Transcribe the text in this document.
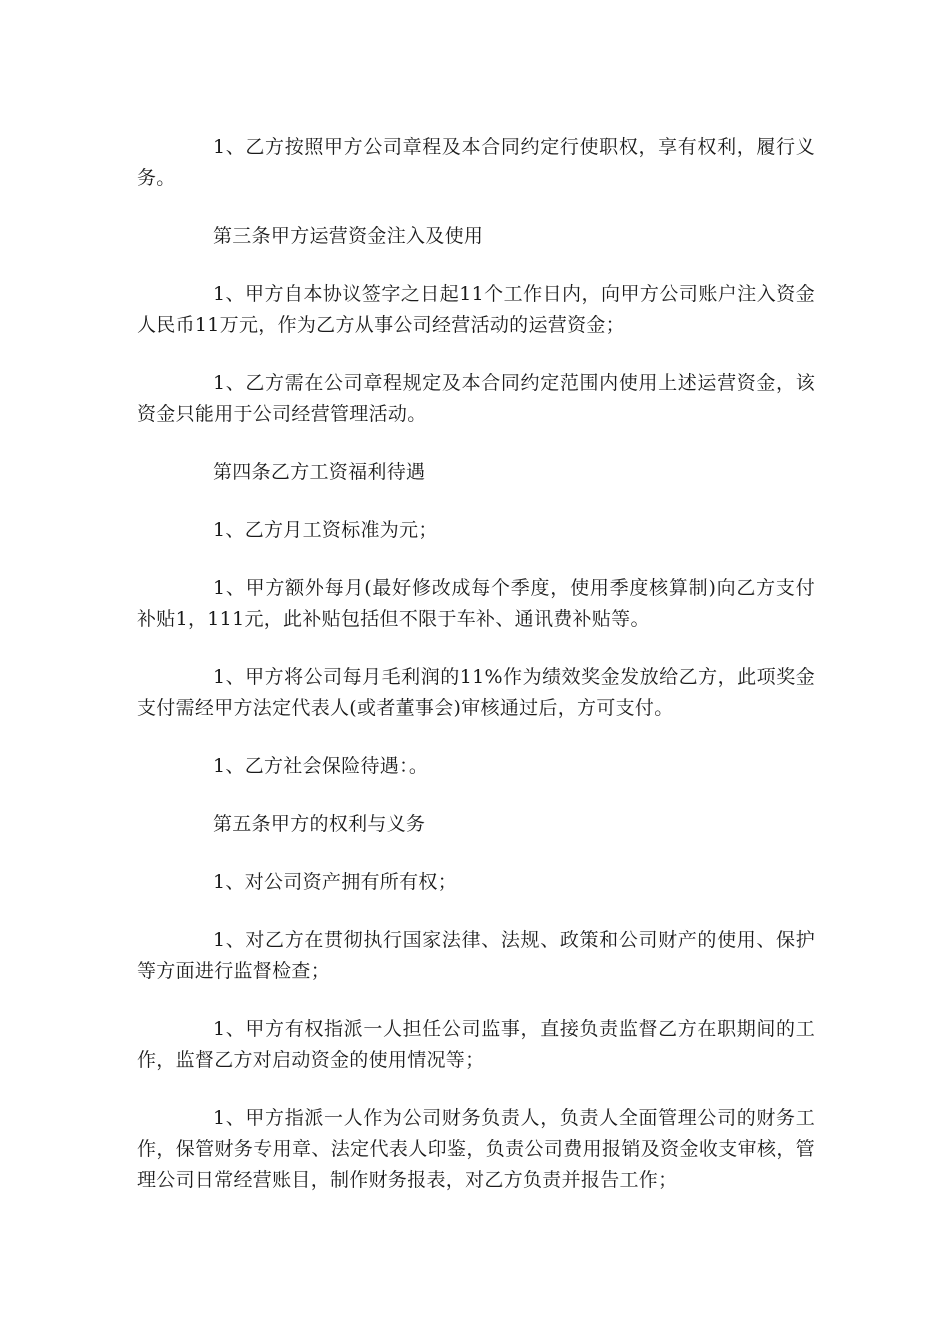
1、乙方按照甲方公司章程及本合同约定行使职权，享有权利，履行义务。

第三条甲方运营资金注入及使用

1、甲方自本协议签字之日起11个工作日内，向甲方公司账户注入资金人民币11万元，作为乙方从事公司经营活动的运营资金；

1、乙方需在公司章程规定及本合同约定范围内使用上述运营资金，该资金只能用于公司经营管理活动。

第四条乙方工资福利待遇

1、乙方月工资标准为元；

1、甲方额外每月(最好修改成每个季度，使用季度核算制)向乙方支付补贴1，111元，此补贴包括但不限于车补、通讯费补贴等。

1、甲方将公司每月毛利润的11%作为绩效奖金发放给乙方，此项奖金支付需经甲方法定代表人(或者董事会)审核通过后，方可支付。

1、乙方社会保险待遇：。

第五条甲方的权利与义务

1、对公司资产拥有所有权；

1、对乙方在贯彻执行国家法律、法规、政策和公司财产的使用、保护等方面进行监督检查；

1、甲方有权指派一人担任公司监事，直接负责监督乙方在职期间的工作，监督乙方对启动资金的使用情况等；

1、甲方指派一人作为公司财务负责人，负责人全面管理公司的财务工作，保管财务专用章、法定代表人印鉴，负责公司费用报销及资金收支审核，管理公司日常经营账目，制作财务报表，对乙方负责并报告工作；
